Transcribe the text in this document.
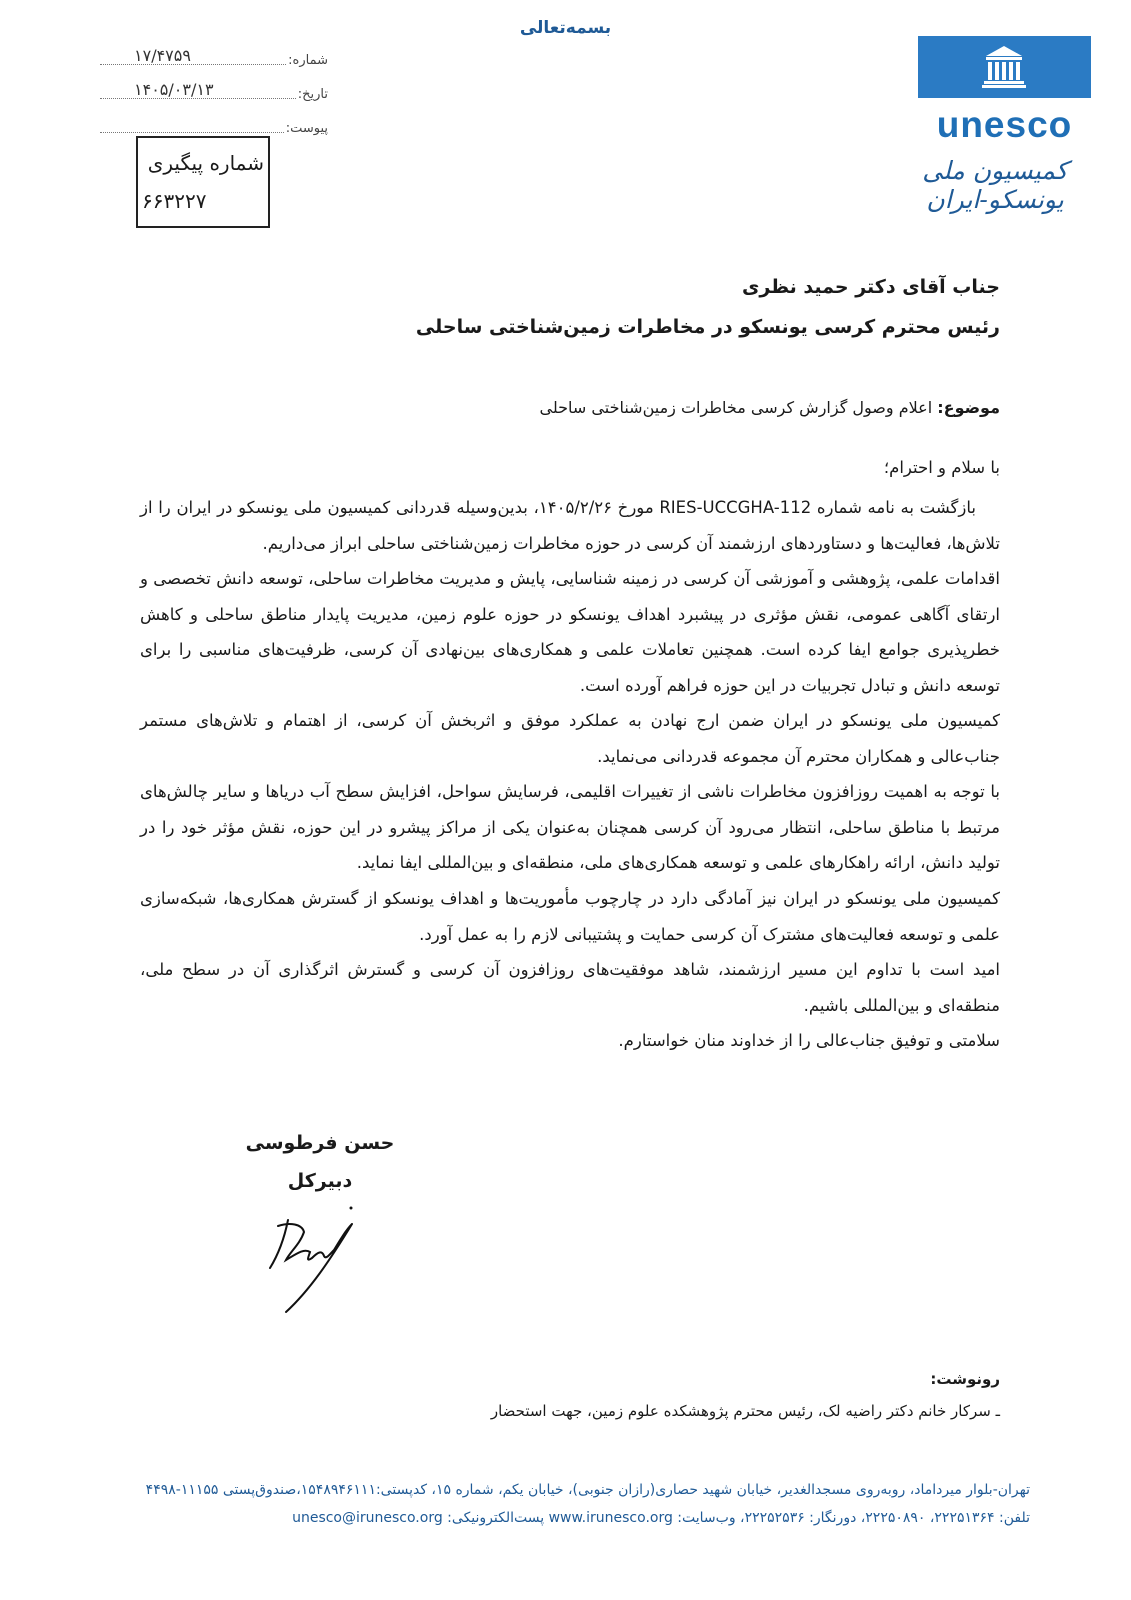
بسمه‌تعالی
unesco
کمیسیون ملی یونسکو-ایران
شماره:
۱۷/۴۷۵۹
تاریخ:
۱۴۰۵/۰۳/۱۳
پیوست:
شماره پیگیری
۶۶۳۲۲۷
جناب آقای دکتر حمید نظری
رئیس محترم کرسی یونسکو در مخاطرات زمین‌شناختی ساحلی
موضوع: اعلام وصول گزارش کرسی مخاطرات زمین‌شناختی ساحلی
با سلام و احترام؛
بازگشت به نامه شماره RIES-UCCGHA-112 مورخ ۱۴۰۵/۲/۲۶، بدین‌وسیله قدردانی کمیسیون ملی یونسکو در ایران را از تلاش‌ها، فعالیت‌ها و دستاوردهای ارزشمند آن کرسی در حوزه مخاطرات زمین‌شناختی ساحلی ابراز می‌داریم.
اقدامات علمی، پژوهشی و آموزشی آن کرسی در زمینه شناسایی، پایش و مدیریت مخاطرات ساحلی، توسعه دانش تخصصی و ارتقای آگاهی عمومی، نقش مؤثری در پیشبرد اهداف یونسکو در حوزه علوم زمین، مدیریت پایدار مناطق ساحلی و کاهش خطرپذیری جوامع ایفا کرده است. همچنین تعاملات علمی و همکاری‌های بین‌نهادی آن کرسی، ظرفیت‌های مناسبی را برای توسعه دانش و تبادل تجربیات در این حوزه فراهم آورده است.
کمیسیون ملی یونسکو در ایران ضمن ارج نهادن به عملکرد موفق و اثربخش آن کرسی، از اهتمام و تلاش‌های مستمر جناب‌عالی و همکاران محترم آن مجموعه قدردانی می‌نماید.
با توجه به اهمیت روزافزون مخاطرات ناشی از تغییرات اقلیمی، فرسایش سواحل، افزایش سطح آب دریاها و سایر چالش‌های مرتبط با مناطق ساحلی، انتظار می‌رود آن کرسی همچنان به‌عنوان یکی از مراکز پیشرو در این حوزه، نقش مؤثر خود را در تولید دانش، ارائه راهکارهای علمی و توسعه همکاری‌های ملی، منطقه‌ای و بین‌المللی ایفا نماید.
کمیسیون ملی یونسکو در ایران نیز آمادگی دارد در چارچوب مأموریت‌ها و اهداف یونسکو از گسترش همکاری‌ها، شبکه‌سازی علمی و توسعه فعالیت‌های مشترک آن کرسی حمایت و پشتیبانی لازم را به عمل آورد.
امید است با تداوم این مسیر ارزشمند، شاهد موفقیت‌های روزافزون آن کرسی و گسترش اثرگذاری آن در سطح ملی، منطقه‌ای و بین‌المللی باشیم.
سلامتی و توفیق جناب‌عالی را از خداوند منان خواستارم.
حسن فرطوسی
دبیرکل
رونوشت:
ـ سرکار خانم دکتر راضیه لک، رئیس محترم پژوهشکده علوم زمین، جهت استحضار
تهران-بلوار میرداماد، روبه‌روی مسجدالغدیر، خیابان شهید حصاری(رازان جنوبی)، خیابان یکم، شماره ۱۵، کدپستی:۱۵۴۸۹۴۶۱۱۱،صندوق‌پستی ۱۱۱۵۵-۴۴۹۸
تلفن: ۲۲۲۵۱۳۶۴، ۲۲۲۵۰۸۹۰، دورنگار: ۲۲۲۵۲۵۳۶، وب‌سایت: www.irunesco.org پست‌الکترونیکی: unesco@irunesco.org
